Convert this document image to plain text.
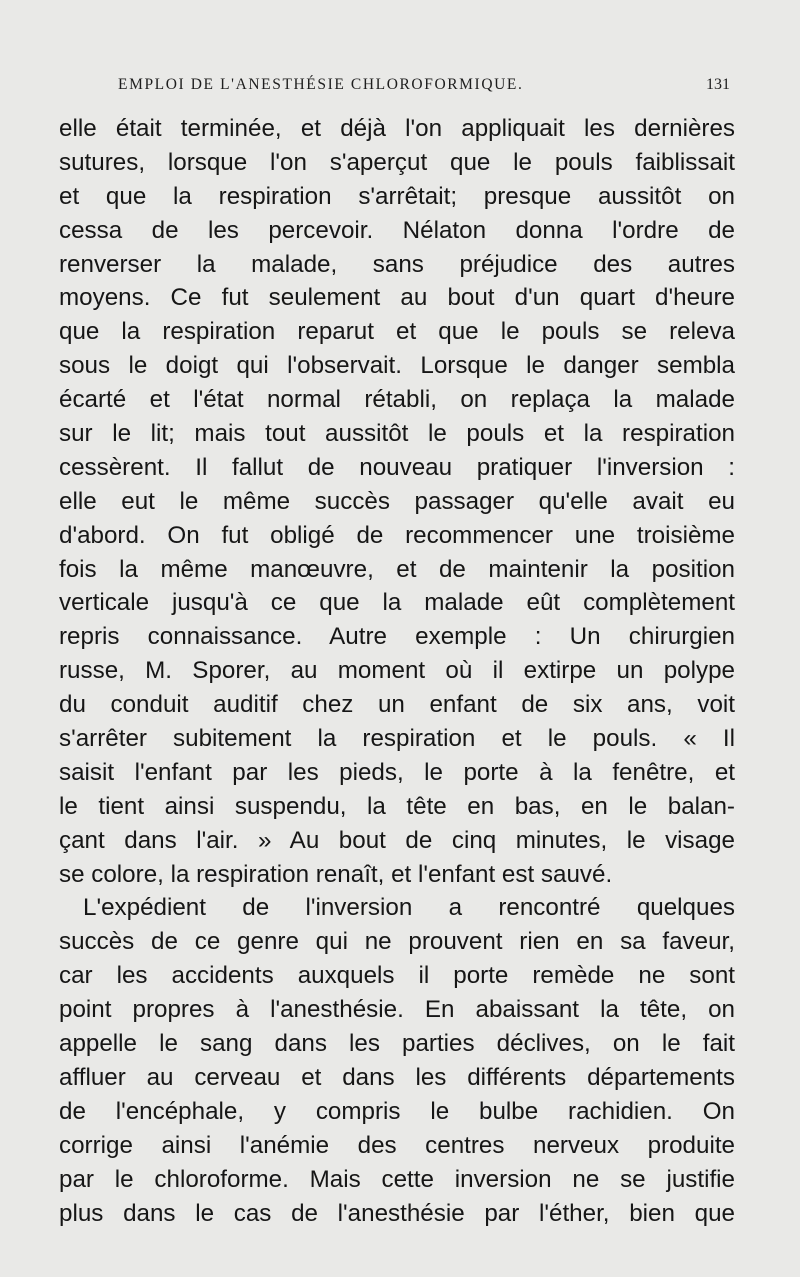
EMPLOI DE L'ANESTHÉSIE CHLOROFORMIQUE.	131
elle était terminée, et déjà l'on appliquait les dernières
sutures, lorsque l'on s'aperçut que le pouls faiblissait
et que la respiration s'arrêtait; presque aussitôt on
cessa de les percevoir. Nélaton donna l'ordre de
renverser la malade, sans préjudice des autres
moyens. Ce fut seulement au bout d'un quart d'heure
que la respiration reparut et que le pouls se releva
sous le doigt qui l'observait. Lorsque le danger sembla
écarté et l'état normal rétabli, on replaça la malade
sur le lit; mais tout aussitôt le pouls et la respiration
cessèrent. Il fallut de nouveau pratiquer l'inversion :
elle eut le même succès passager qu'elle avait eu
d'abord. On fut obligé de recommencer une troisième
fois la même manœuvre, et de maintenir la position
verticale jusqu'à ce que la malade eût complètement
repris connaissance. Autre exemple : Un chirurgien
russe, M. Sporer, au moment où il extirpe un polype
du conduit auditif chez un enfant de six ans, voit
s'arrêter subitement la respiration et le pouls. « Il
saisit l'enfant par les pieds, le porte à la fenêtre, et
le tient ainsi suspendu, la tête en bas, en le balan-
çant dans l'air. » Au bout de cinq minutes, le visage
se colore, la respiration renaît, et l'enfant est sauvé.
L'expédient de l'inversion a rencontré quelques
succès de ce genre qui ne prouvent rien en sa faveur,
car les accidents auxquels il porte remède ne sont
point propres à l'anesthésie. En abaissant la tête, on
appelle le sang dans les parties déclives, on le fait
affluer au cerveau et dans les différents départements
de l'encéphale, y compris le bulbe rachidien. On
corrige ainsi l'anémie des centres nerveux produite
par le chloroforme. Mais cette inversion ne se justifie
plus dans le cas de l'anesthésie par l'éther, bien que
